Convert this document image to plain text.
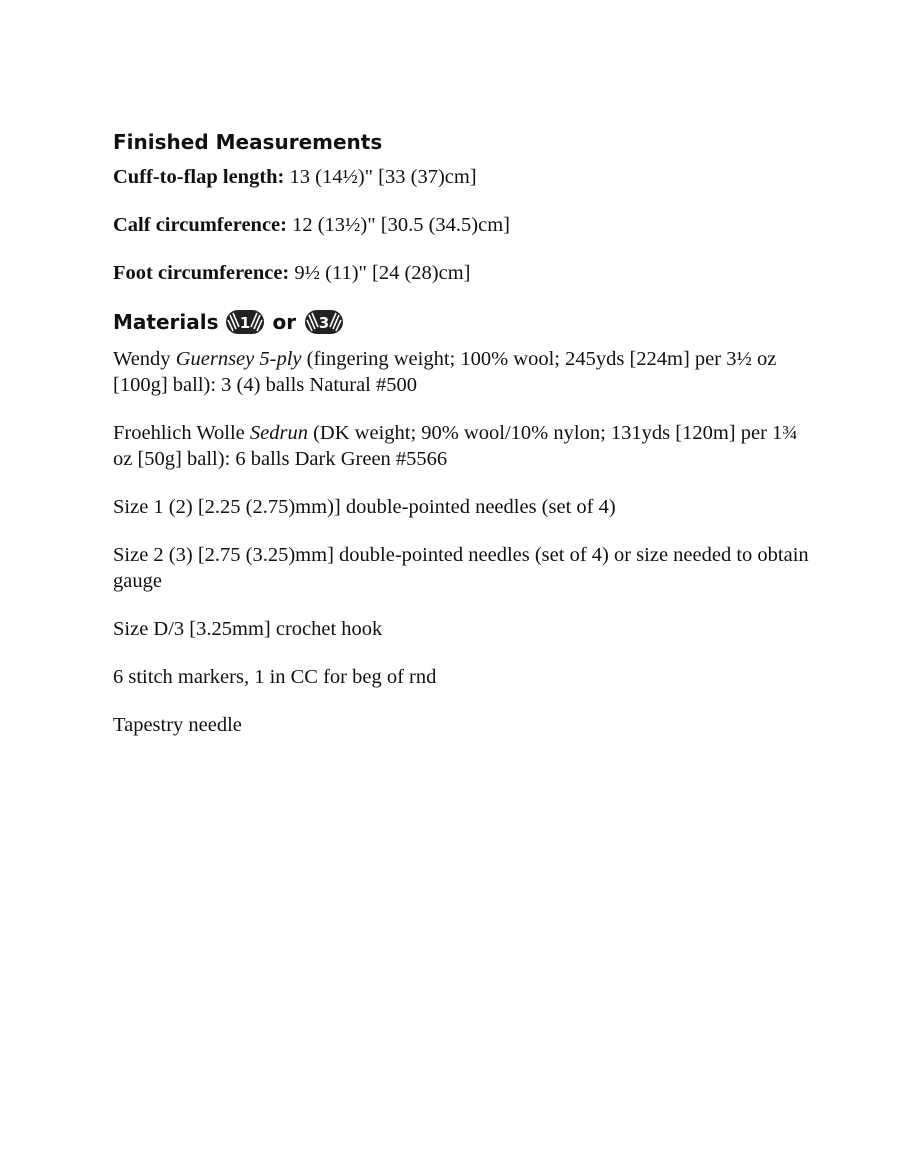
Finished Measurements

Cuff-to-flap length: 13 (14½)" [33 (37)cm]

Calf circumference: 12 (13½)" [30.5 (34.5)cm]

Foot circumference: 9½ (11)" [24 (28)cm]

Materials 1 or 3

Wendy Guernsey 5-ply (fingering weight; 100% wool; 245yds [224m] per 3½ oz [100g] ball): 3 (4) balls Natural #500

Froehlich Wolle Sedrun (DK weight; 90% wool/10% nylon; 131yds [120m] per 1¾ oz [50g] ball): 6 balls Dark Green #5566

Size 1 (2) [2.25 (2.75)mm)] double-pointed needles (set of 4)

Size 2 (3) [2.75 (3.25)mm] double-pointed needles (set of 4) or size needed to obtain gauge

Size D/3 [3.25mm] crochet hook

6 stitch markers, 1 in CC for beg of rnd

Tapestry needle
